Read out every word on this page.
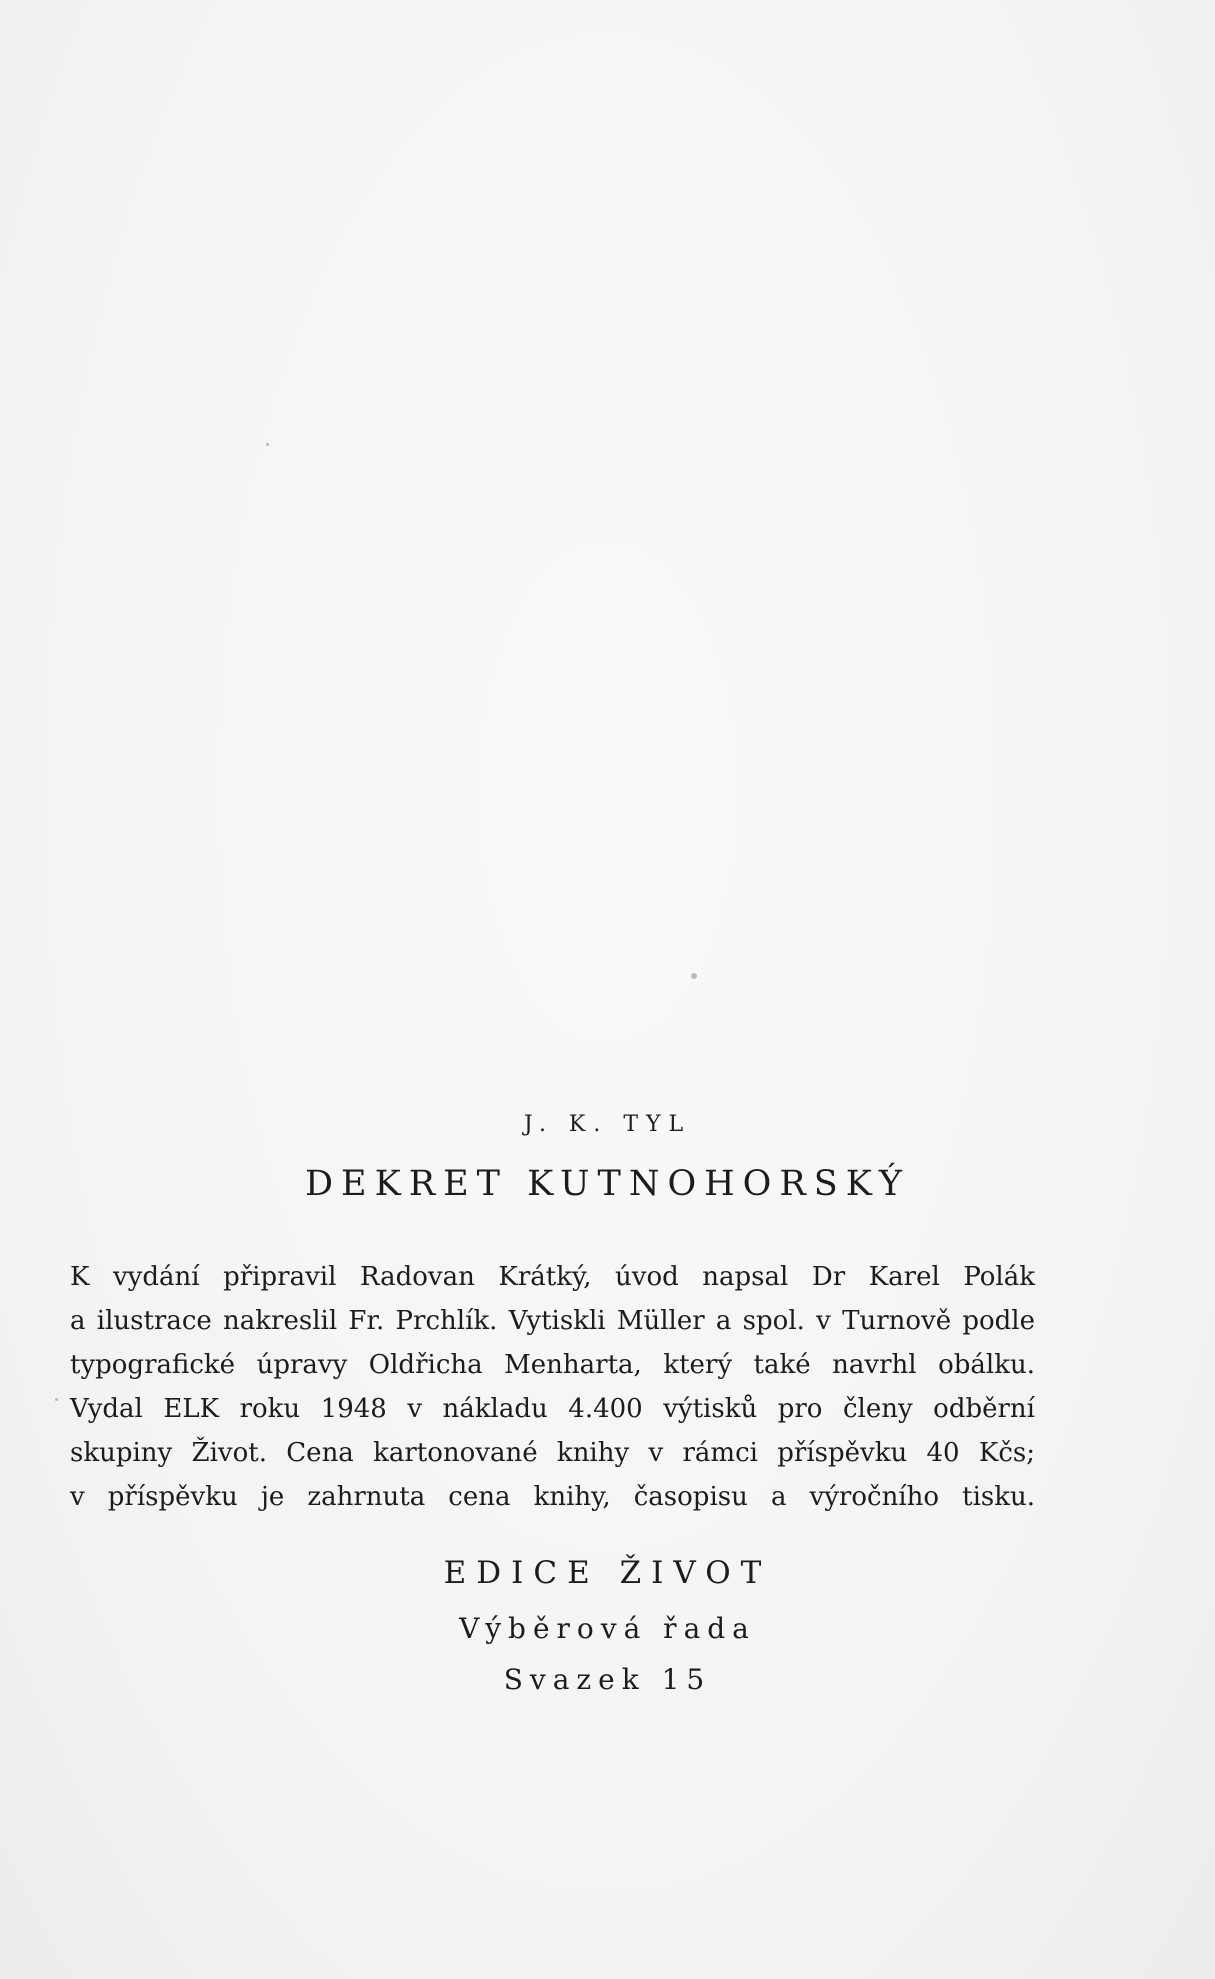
J. K. TYL
DEKRET KUTNOHORSKÝ
K vydání připravil Radovan Krátký, úvod napsal Dr Karel Polák
a ilustrace nakreslil Fr. Prchlík. Vytiskli Müller a spol. v Turnově podle
typografické úpravy Oldřicha Menharta, který také navrhl obálku.
Vydal ELK roku 1948 v nákladu 4.400 výtisků pro členy odběrní
skupiny Život. Cena kartonované knihy v rámci příspěvku 40 Kčs;
v příspěvku je zahrnuta cena knihy, časopisu a výročního tisku.
EDICE ŽIVOT
Výběrová řada
Svazek 15
